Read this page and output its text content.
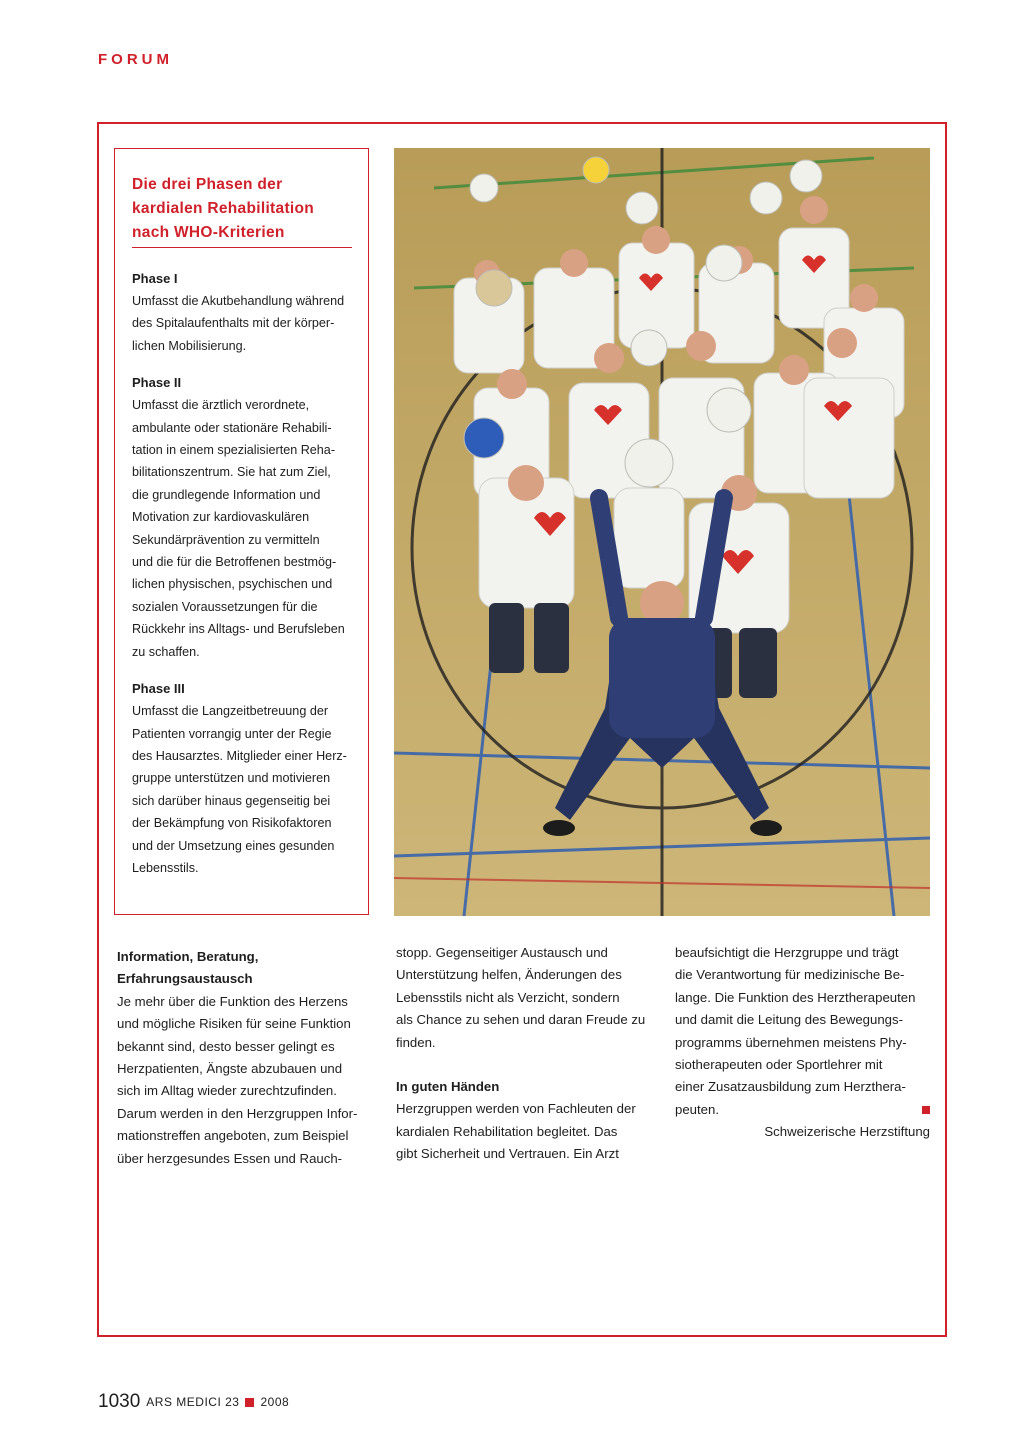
FORUM
Die drei Phasen der
kardialen Rehabilitation
nach WHO-Kriterien

Phase I

Umfasst die Akutbehandlung während
des Spitalaufenthalts mit der körper-
lichen Mobilisierung.

Phase II

Umfasst die ärztlich verordnete,
ambulante oder stationäre Rehabili-
tation in einem spezialisierten Reha-
bilitationszentrum. Sie hat zum Ziel,
die grundlegende Information und
Motivation zur kardiovaskulären
Sekundärprävention zu vermitteln
und die für die Betroffenen bestmög-
lichen physischen, psychischen und
sozialen Voraussetzungen für die
Rückkehr ins Alltags- und Berufsleben
zu schaffen.

Phase III

Umfasst die Langzeitbetreuung der
Patienten vorrangig unter der Regie
des Hausarztes. Mitglieder einer Herz-
gruppe unterstützen und motivieren
sich darüber hinaus gegenseitig bei
der Bekämpfung von Risikofaktoren
und der Umsetzung eines gesunden
Lebensstils.

Information, Beratung,
Erfahrungsaustausch

Je mehr über die Funktion des Herzens
und mögliche Risiken für seine Funktion
bekannt sind, desto besser gelingt es
Herzpatienten, Ängste abzubauen und
sich im Alltag wieder zurechtzufinden.
Darum werden in den Herzgruppen Infor-
mationstreffen angeboten, zum Beispiel
über herzgesundes Essen und Rauch-

stopp. Gegenseitiger Austausch und
Unterstützung helfen, Änderungen des
Lebensstils nicht als Verzicht, sondern
als Chance zu sehen und daran Freude zu
finden.

In guten Händen

Herzgruppen werden von Fachleuten der
kardialen Rehabilitation begleitet. Das
gibt Sicherheit und Vertrauen. Ein Arzt

beaufsichtigt die Herzgruppe und trägt
die Verantwortung für medizinische Be-
lange. Die Funktion des Herztherapeuten
und damit die Leitung des Bewegungs-
programms übernehmen meistens Phy-
siotherapeuten oder Sportlehrer mit
einer Zusatzausbildung zum Herzthera-
peuten.

Schweizerische Herzstiftung

1030 ARS MEDICI 23 2008
